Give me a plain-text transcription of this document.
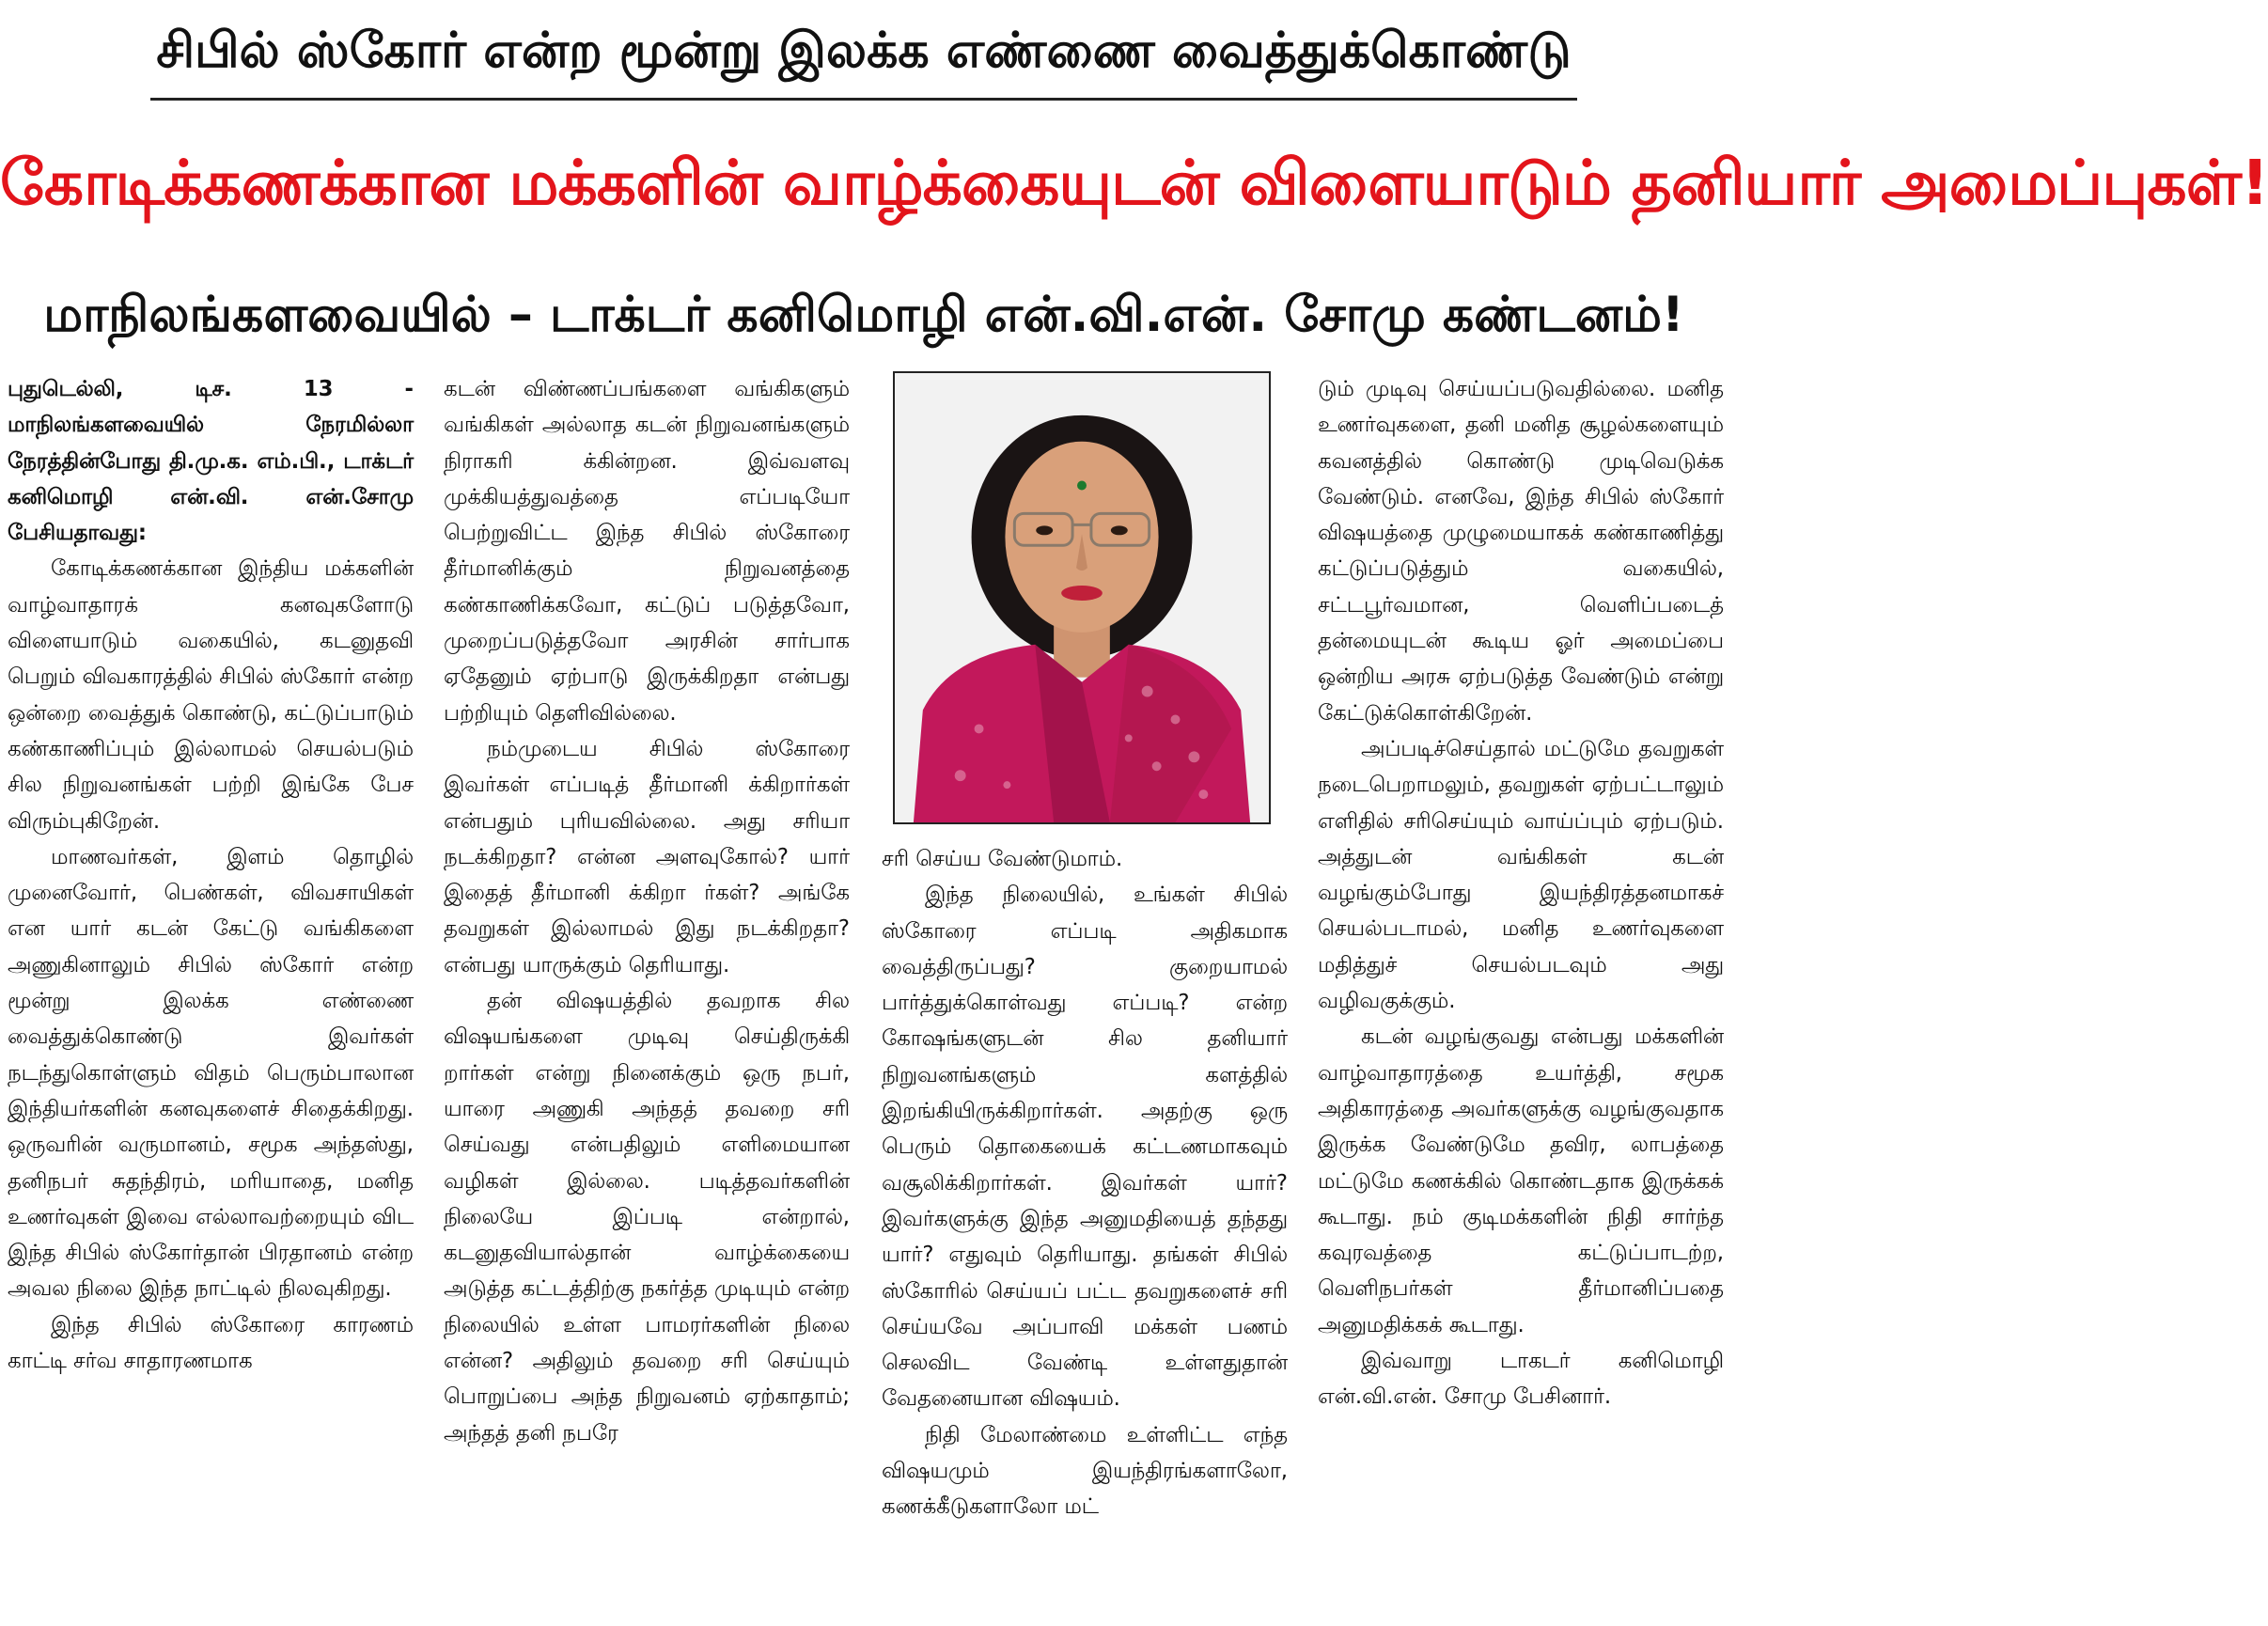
சிபில் ஸ்கோர் என்ற மூன்று இலக்க எண்ணை வைத்துக்கொண்டு
கோடிக்கணக்கான மக்களின் வாழ்க்கையுடன் விளையாடும் தனியார் அமைப்புகள்!
மாநிலங்களவையில் – டாக்டர் கனிமொழி என்.வி.என். சோமு கண்டனம்!

புதுடெல்லி, டிச. 13 - மாநிலங்களவையில் நேரமில்லா நேரத்தின்போது தி.மு.க. எம்.பி., டாக்டர் கனிமொழி என்.வி. என்.சோமு பேசியதாவது:

கோடிக்கணக்கான இந்திய மக்களின் வாழ்வாதாரக் கனவுகளோடு விளையாடும் வகையில், கடனுதவி பெறும் விவகாரத்தில் சிபில் ஸ்கோர் என்ற ஒன்றை வைத்துக் கொண்டு, கட்டுப்பாடும் கண்காணிப்பும் இல்லாமல் செயல்படும் சில நிறுவனங்கள் பற்றி இங்கே பேச விரும்புகிறேன்.

மாணவர்கள், இளம் தொழில் முனைவோர், பெண்கள், விவசாயிகள் என யார் கடன் கேட்டு வங்கிகளை அணுகினாலும் சிபில் ஸ்கோர் என்ற மூன்று இலக்க எண்ணை வைத்துக்கொண்டு இவர்கள் நடந்துகொள்ளும் விதம் பெரும்பாலான இந்தியர்களின் கனவுகளைச் சிதைக்கிறது. ஒருவரின் வருமானம், சமூக அந்தஸ்து, தனிநபர் சுதந்திரம், மரியாதை, மனித உணர்வுகள் இவை எல்லாவற்றையும் விட இந்த சிபில் ஸ்கோர்தான் பிரதானம் என்ற அவல நிலை இந்த நாட்டில் நிலவுகிறது.

இந்த சிபில் ஸ்கோரை காரணம் காட்டி சர்வ சாதாரணமாக

கடன் விண்ணப்பங்களை வங்கிகளும் வங்கிகள் அல்லாத கடன் நிறுவனங்களும் நிராகரி க்கின்றன. இவ்வளவு முக்கியத்துவத்தை எப்படியோ பெற்றுவிட்ட இந்த சிபில் ஸ்கோரை தீர்மானிக்கும் நிறுவனத்தை கண்காணிக்கவோ, கட்டுப் படுத்தவோ, முறைப்படுத்தவோ அரசின் சார்பாக ஏதேனும் ஏற்பாடு இருக்கிறதா என்பது பற்றியும் தெளிவில்லை.

நம்முடைய சிபில் ஸ்கோரை இவர்கள் எப்படித் தீர்மானி க்கிறார்கள் என்பதும் புரியவில்லை. அது சரியா நடக்கிறதா? என்ன அளவுகோல்? யார் இதைத் தீர்மானி க்கிறா ர்கள்? அங்கே தவறுகள் இல்லாமல் இது நடக்கிறதா? என்பது யாருக்கும் தெரியாது.

தன் விஷயத்தில் தவறாக சில விஷயங்களை முடிவு செய்திருக்கி றார்கள் என்று நினைக்கும் ஒரு நபர், யாரை அணுகி அந்தத் தவறை சரி செய்வது என்பதிலும் எளிமையான வழிகள் இல்லை. படித்தவர்களின் நிலையே இப்படி என்றால், கடனுதவியால்தான் வாழ்க்கையை அடுத்த கட்டத்திற்கு நகர்த்த முடியும் என்ற நிலையில் உள்ள பாமரர்களின் நிலை என்ன? அதிலும் தவறை சரி செய்யும் பொறுப்பை அந்த நிறுவனம் ஏற்காதாம்; அந்தத் தனி நபரே

சரி செய்ய வேண்டுமாம்.

இந்த நிலையில், உங்கள் சிபில் ஸ்கோரை எப்படி அதிகமாக வைத்திருப்பது? குறையாமல் பார்த்துக்கொள்வது எப்படி? என்ற கோஷங்களுடன் சில தனியார் நிறுவனங்களும் களத்தில் இறங்கியிருக்கிறார்கள். அதற்கு ஒரு பெரும் தொகையைக் கட்டணமாகவும் வசூலிக்கிறார்கள். இவர்கள் யார்? இவர்களுக்கு இந்த அனுமதியைத் தந்தது யார்? எதுவும் தெரியாது. தங்கள் சிபில் ஸ்கோரில் செய்யப் பட்ட தவறுகளைச் சரி செய்யவே அப்பாவி மக்கள் பணம் செலவிட வேண்டி உள்ளதுதான் வேதனையான விஷயம்.

நிதி மேலாண்மை உள்ளிட்ட எந்த விஷயமும் இயந்திரங்களாலோ, கணக்கீடுகளாலோ மட்

டும் முடிவு செய்யப்படுவதில்லை. மனித உணர்வுகளை, தனி மனித சூழல்களையும் கவனத்தில் கொண்டு முடிவெடுக்க வேண்டும். எனவே, இந்த சிபில் ஸ்கோர் விஷயத்தை முழுமையாகக் கண்காணித்து கட்டுப்படுத்தும் வகையில், சட்டபூர்வமான, வெளிப்படைத் தன்மையுடன் கூடிய ஓர் அமைப்பை ஒன்றிய அரசு ஏற்படுத்த வேண்டும் என்று கேட்டுக்கொள்கிறேன்.

அப்படிச்செய்தால் மட்டுமே தவறுகள் நடைபெறாமலும், தவறுகள் ஏற்பட்டாலும் எளிதில் சரிசெய்யும் வாய்ப்பும் ஏற்படும். அத்துடன் வங்கிகள் கடன் வழங்கும்போது இயந்திரத்தனமாகச் செயல்படாமல், மனித உணர்வுகளை மதித்துச் செயல்படவும் அது வழிவகுக்கும்.

கடன் வழங்குவது என்பது மக்களின் வாழ்வாதாரத்தை உயர்த்தி, சமூக அதிகாரத்தை அவர்களுக்கு வழங்குவதாக இருக்க வேண்டுமே தவிர, லாபத்தை மட்டுமே கணக்கில் கொண்டதாக இருக்கக் கூடாது. நம் குடிமக்களின் நிதி சார்ந்த கவுரவத்தை கட்டுப்பாடற்ற, வெளிநபர்கள் தீர்மானிப்பதை அனுமதிக்கக் கூடாது.

இவ்வாறு டாகடர் கனிமொழி என்.வி.என். சோமு பேசினார்.
